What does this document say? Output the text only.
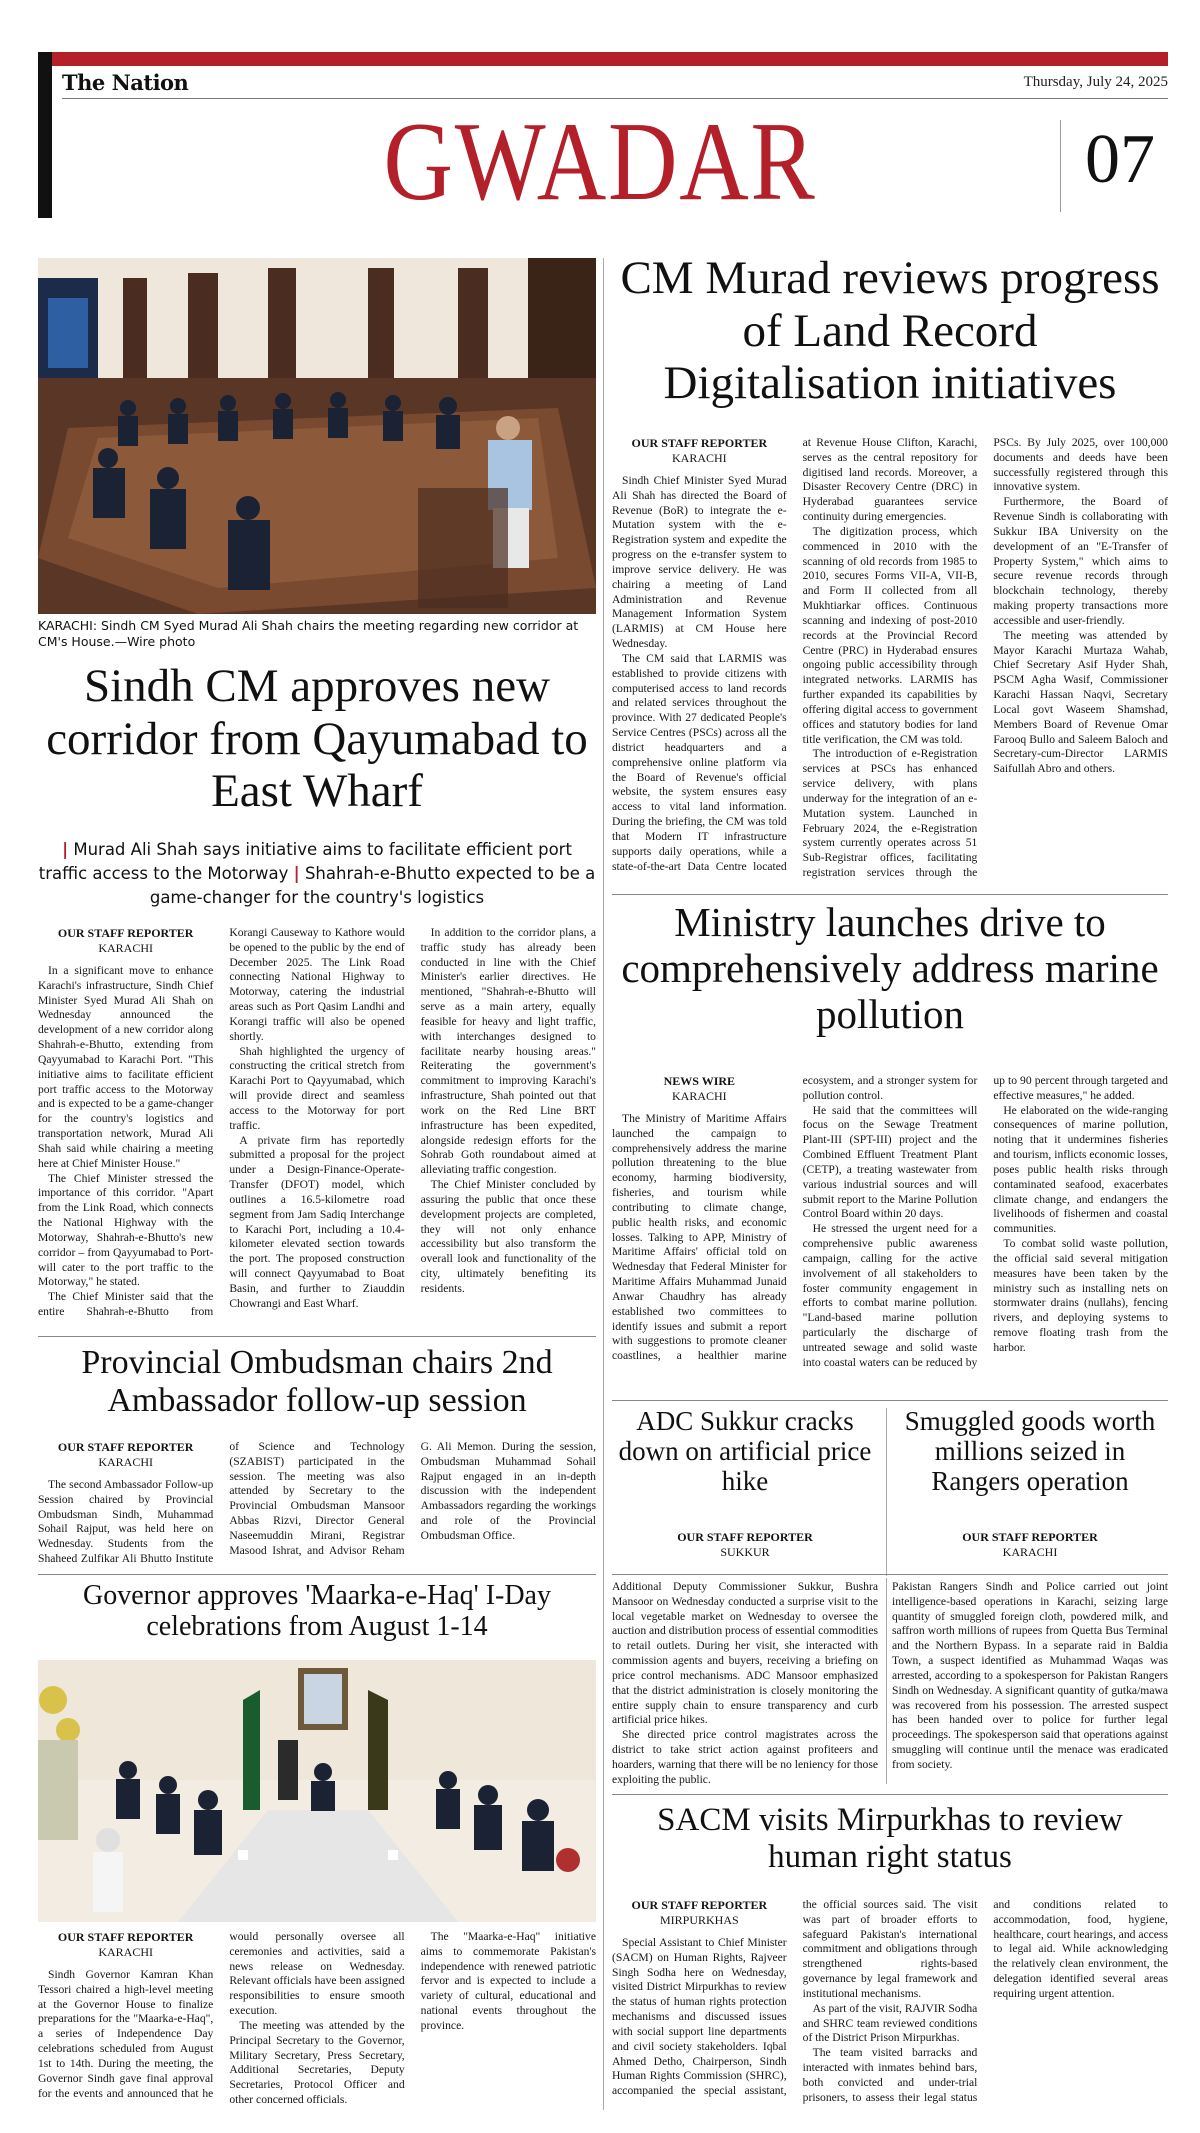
The Nation	Thursday, July 24, 2025
GWADAR	07
KARACHI: Sindh CM Syed Murad Ali Shah chairs the meeting regarding new corridor at CM's House.—Wire photo
Sindh CM approves new corridor from Qayumabad to East Wharf
| Murad Ali Shah says initiative aims to facilitate efficient port traffic access to the Motorway | Shahrah-e-Bhutto expected to be a game-changer for the country's logistics
OUR STAFF REPORTER
KARACHI

In a significant move to enhance Karachi's infrastructure, Sindh Chief Minister Syed Murad Ali Shah on Wednesday announced the development of a new corridor along Shahrah-e-Bhutto, extending from Qayyumabad to Karachi Port. "This initiative aims to facilitate efficient port traffic access to the Motorway and is expected to be a game-changer for the country's logistics and transportation network, Murad Ali Shah said while chairing a meeting here at Chief Minister House."

The Chief Minister stressed the importance of this corridor. "Apart from the Link Road, which connects the National Highway with the Motorway, Shahrah-e-Bhutto's new corridor – from Qayyumabad to Port- will cater to the port traffic to the Motorway," he stated.

The Chief Minister said that the entire Shahrah-e-Bhutto from Korangi Causeway to Kathore would be opened to the public by the end of December 2025. The Link Road connecting National Highway to Motorway, catering the industrial areas such as Port Qasim Landhi and Korangi traffic will also be opened shortly.

Shah highlighted the urgency of constructing the critical stretch from Karachi Port to Qayyumabad, which will provide direct and seamless access to the Motorway for port traffic.

A private firm has reportedly submitted a proposal for the project under a Design-Finance-Operate-Transfer (DFOT) model, which outlines a 16.5-kilometre road segment from Jam Sadiq Interchange to Karachi Port, including a 10.4-kilometer elevated section towards the port. The proposed construction will connect Qayyumabad to Boat Basin, and further to Ziauddin Chowrangi and East Wharf.

In addition to the corridor plans, a traffic study has already been conducted in line with the Chief Minister's earlier directives. He mentioned, "Shahrah-e-Bhutto will serve as a main artery, equally feasible for heavy and light traffic, with interchanges designed to facilitate nearby housing areas." Reiterating the government's commitment to improving Karachi's infrastructure, Shah pointed out that work on the Red Line BRT infrastructure has been expedited, alongside redesign efforts for the Sohrab Goth roundabout aimed at alleviating traffic congestion.

The Chief Minister concluded by assuring the public that once these development projects are completed, they will not only enhance accessibility but also transform the overall look and functionality of the city, ultimately benefiting its residents.

Provincial Ombudsman chairs 2nd Ambassador follow-up session
OUR STAFF REPORTER
KARACHI

The second Ambassador Follow-up Session chaired by Provincial Ombudsman Sindh, Muhammad Sohail Rajput, was held here on Wednesday. Students from the Shaheed Zulfikar Ali Bhutto Institute of Science and Technology (SZABIST) participated in the session. The meeting was also attended by Secretary to the Provincial Ombudsman Mansoor Abbas Rizvi, Director General Naseemuddin Mirani, Registrar Masood Ishrat, and Advisor Reham G. Ali Memon. During the session, Ombudsman Muhammad Sohail Rajput engaged in an in-depth discussion with the independent Ambassadors regarding the workings and role of the Provincial Ombudsman Office.

Governor approves 'Maarka-e-Haq' I-Day celebrations from August 1-14
OUR STAFF REPORTER
KARACHI

Sindh Governor Kamran Khan Tessori chaired a high-level meeting at the Governor House to finalize preparations for the "Maarka-e-Haq", a series of Independence Day celebrations scheduled from August 1st to 14th. During the meeting, the Governor Sindh gave final approval for the events and announced that he would personally oversee all ceremonies and activities, said a news release on Wednesday. Relevant officials have been assigned responsibilities to ensure smooth execution.

The meeting was attended by the Principal Secretary to the Governor, Military Secretary, Press Secretary, Additional Secretaries, Deputy Secretaries, Protocol Officer and other concerned officials.

The "Maarka-e-Haq" initiative aims to commemorate Pakistan's independence with renewed patriotic fervor and is expected to include a variety of cultural, educational and national events throughout the province.

CM Murad reviews progress of Land Record Digitalisation initiatives
OUR STAFF REPORTER
KARACHI

Sindh Chief Minister Syed Murad Ali Shah has directed the Board of Revenue (BoR) to integrate the e-Mutation system with the e-Registration system and expedite the progress on the e-transfer system to improve service delivery. He was chairing a meeting of Land Administration and Revenue Management Information System (LARMIS) at CM House here Wednesday.

The CM said that LARMIS was established to provide citizens with computerised access to land records and related services throughout the province. With 27 dedicated People's Service Centres (PSCs) across all the district headquarters and a comprehensive online platform via the Board of Revenue's official website, the system ensures easy access to vital land information. During the briefing, the CM was told that Modern IT infrastructure supports daily operations, while a state-of-the-art Data Centre located at Revenue House Clifton, Karachi, serves as the central repository for digitised land records. Moreover, a Disaster Recovery Centre (DRC) in Hyderabad guarantees service continuity during emergencies.

The digitization process, which commenced in 2010 with the scanning of old records from 1985 to 2010, secures Forms VII-A, VII-B, and Form II collected from all Mukhtiarkar offices. Continuous scanning and indexing of post-2010 records at the Provincial Record Centre (PRC) in Hyderabad ensures ongoing public accessibility through integrated networks. LARMIS has further expanded its capabilities by offering digital access to government offices and statutory bodies for land title verification, the CM was told.

The introduction of e-Registration services at PSCs has enhanced service delivery, with plans underway for the integration of an e-Mutation system. Launched in February 2024, the e-Registration system currently operates across 51 Sub-Registrar offices, facilitating registration services through the PSCs. By July 2025, over 100,000 documents and deeds have been successfully registered through this innovative system.

Furthermore, the Board of Revenue Sindh is collaborating with Sukkur IBA University on the development of an "E-Transfer of Property System," which aims to secure revenue records through blockchain technology, thereby making property transactions more accessible and user-friendly.

The meeting was attended by Mayor Karachi Murtaza Wahab, Chief Secretary Asif Hyder Shah, PSCM Agha Wasif, Commissioner Karachi Hassan Naqvi, Secretary Local govt Waseem Shamshad, Members Board of Revenue Omar Farooq Bullo and Saleem Baloch and Secretary-cum-Director LARMIS Saifullah Abro and others.

Ministry launches drive to comprehensively address marine pollution
NEWS WIRE
KARACHI

The Ministry of Maritime Affairs launched the campaign to comprehensively address the marine pollution threatening to the blue economy, harming biodiversity, fisheries, and tourism while contributing to climate change, public health risks, and economic losses. Talking to APP, Ministry of Maritime Affairs' official told on Wednesday that Federal Minister for Maritime Affairs Muhammad Junaid Anwar Chaudhry has already established two committees to identify issues and submit a report with suggestions to promote cleaner coastlines, a healthier marine ecosystem, and a stronger system for pollution control.

He said that the committees will focus on the Sewage Treatment Plant-III (SPT-III) project and the Combined Effluent Treatment Plant (CETP), a treating wastewater from various industrial sources and will submit report to the Marine Pollution Control Board within 20 days.

He stressed the urgent need for a comprehensive public awareness campaign, calling for the active involvement of all stakeholders to foster community engagement in efforts to combat marine pollution. "Land-based marine pollution particularly the discharge of untreated sewage and solid waste into coastal waters can be reduced by up to 90 percent through targeted and effective measures," he added.

He elaborated on the wide-ranging consequences of marine pollution, noting that it undermines fisheries and tourism, inflicts economic losses, poses public health risks through contaminated seafood, exacerbates climate change, and endangers the livelihoods of fishermen and coastal communities.

To combat solid waste pollution, the official said several mitigation measures have been taken by the ministry such as installing nets on stormwater drains (nullahs), fencing rivers, and deploying systems to remove floating trash from the harbor.

ADC Sukkur cracks down on artificial price hike
OUR STAFF REPORTER
SUKKUR
Smuggled goods worth millions seized in Rangers operation
OUR STAFF REPORTER
KARACHI

Additional Deputy Commissioner Sukkur, Bushra Mansoor on Wednesday conducted a surprise visit to the local vegetable market on Wednesday to oversee the auction and distribution process of essential commodities to retail outlets. During her visit, she interacted with commission agents and buyers, receiving a briefing on price control mechanisms. ADC Mansoor emphasized that the district administration is closely monitoring the entire supply chain to ensure transparency and curb artificial price hikes.

She directed price control magistrates across the district to take strict action against profiteers and hoarders, warning that there will be no leniency for those exploiting the public.

Pakistan Rangers Sindh and Police carried out joint intelligence-based operations in Karachi, seizing large quantity of smuggled foreign cloth, powdered milk, and saffron worth millions of rupees from Quetta Bus Terminal and the Northern Bypass. In a separate raid in Baldia Town, a suspect identified as Muhammad Waqas was arrested, according to a spokesperson for Pakistan Rangers Sindh on Wednesday. A significant quantity of gutka/mawa was recovered from his possession. The arrested suspect has been handed over to police for further legal proceedings. The spokesperson said that operations against smuggling will continue until the menace was eradicated from society.

SACM visits Mirpurkhas to review human right status
OUR STAFF REPORTER
MIRPURKHAS

Special Assistant to Chief Minister (SACM) on Human Rights, Rajveer Singh Sodha here on Wednesday, visited District Mirpurkhas to review the status of human rights protection mechanisms and discussed issues with social support line departments and civil society stakeholders. Iqbal Ahmed Detho, Chairperson, Sindh Human Rights Commission (SHRC), accompanied the special assistant, the official sources said. The visit was part of broader efforts to safeguard Pakistan's international commitment and obligations through strengthened rights-based governance by legal framework and institutional mechanisms.

As part of the visit, RAJVIR Sodha and SHRC team reviewed conditions of the District Prison Mirpurkhas.

The team visited barracks and interacted with inmates behind bars, both convicted and under-trial prisoners, to assess their legal status and conditions related to accommodation, food, hygiene, healthcare, court hearings, and access to legal aid. While acknowledging the relatively clean environment, the delegation identified several areas requiring urgent attention.
